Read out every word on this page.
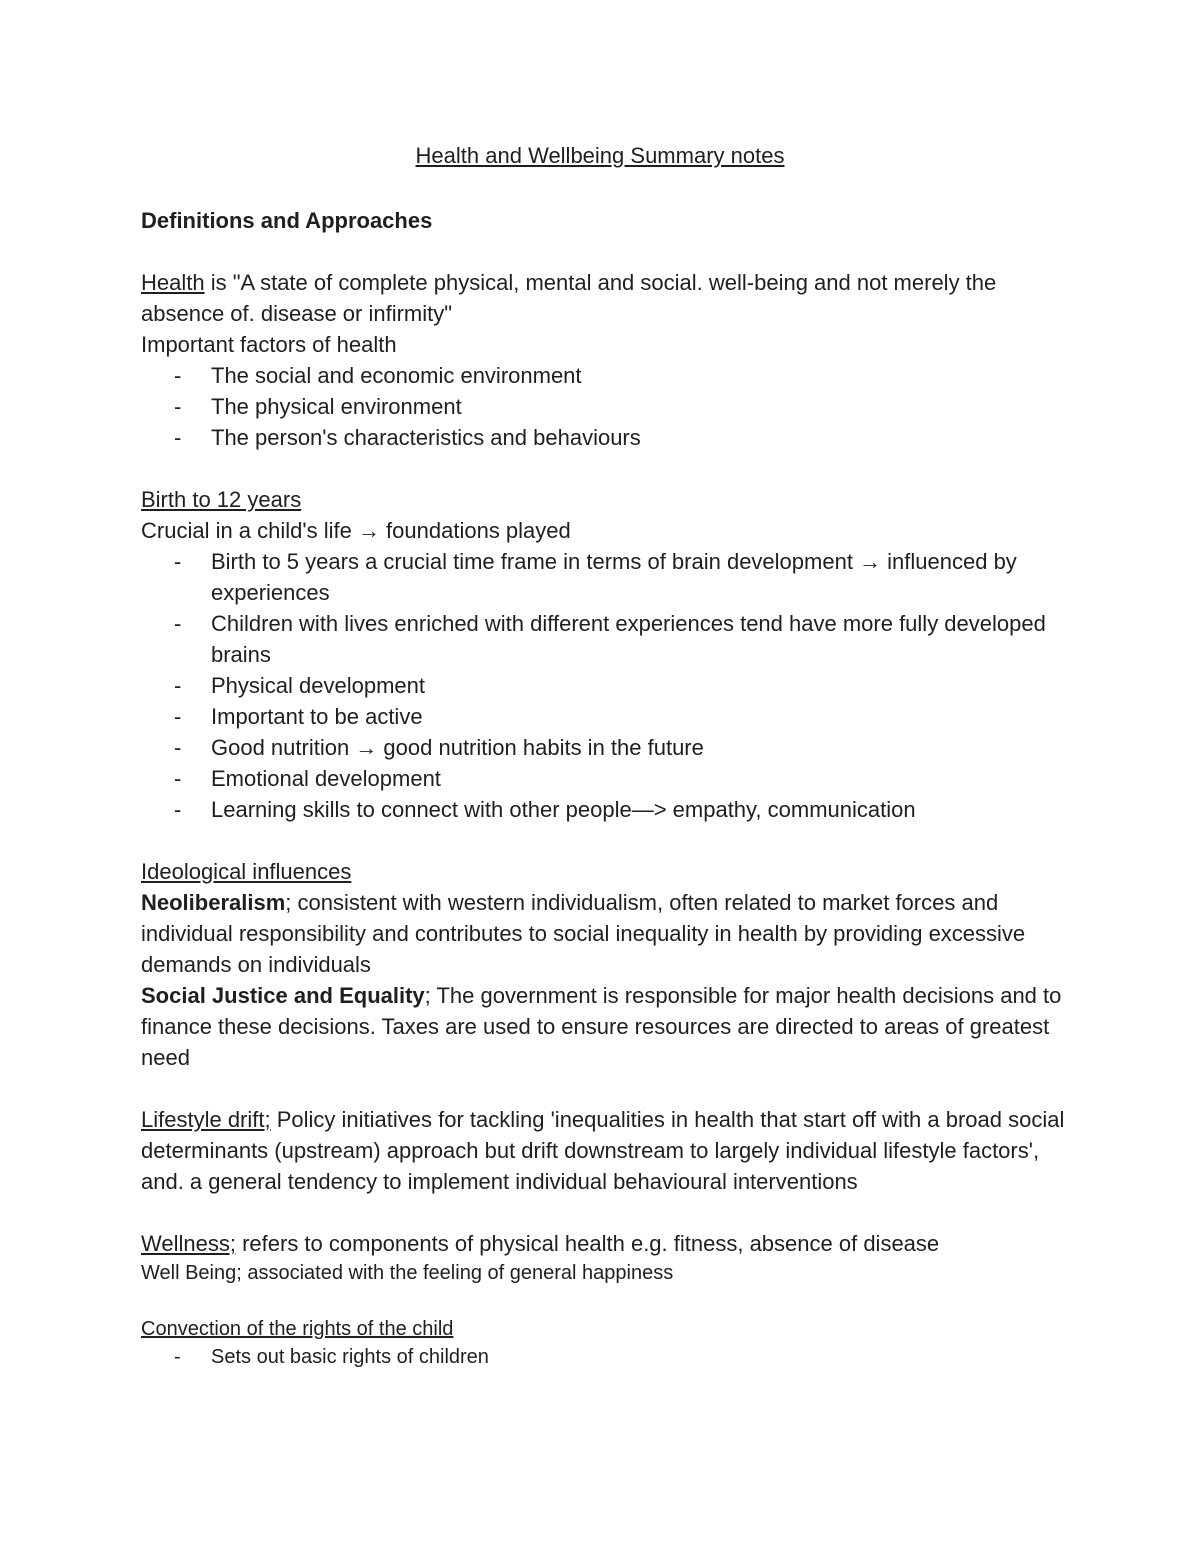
Health and Wellbeing Summary notes

Definitions and Approaches

Health is "A state of complete physical, mental and social. well-being and not merely the absence of. disease or infirmity"

Important factors of health

- The social and economic environment
- The physical environment
- The person's characteristics and behaviours

Birth to 12 years

Crucial in a child's life → foundations played

- Birth to 5 years a crucial time frame in terms of brain development → influenced by experiences
- Children with lives enriched with different experiences tend have more fully developed brains
- Physical development
- Important to be active
- Good nutrition → good nutrition habits in the future
- Emotional development
- Learning skills to connect with other people—> empathy, communication

Ideological influences

Neoliberalism; consistent with western individualism, often related to market forces and individual responsibility and contributes to social inequality in health by providing excessive demands on individuals

Social Justice and Equality; The government is responsible for major health decisions and to finance these decisions. Taxes are used to ensure resources are directed to areas of greatest need

Lifestyle drift; Policy initiatives for tackling 'inequalities in health that start off with a broad social determinants (upstream) approach but drift downstream to largely individual lifestyle factors', and. a general tendency to implement individual behavioural interventions

Wellness; refers to components of physical health e.g. fitness, absence of disease

Well Being; associated with the feeling of general happiness

Convection of the rights of the child

- Sets out basic rights of children
